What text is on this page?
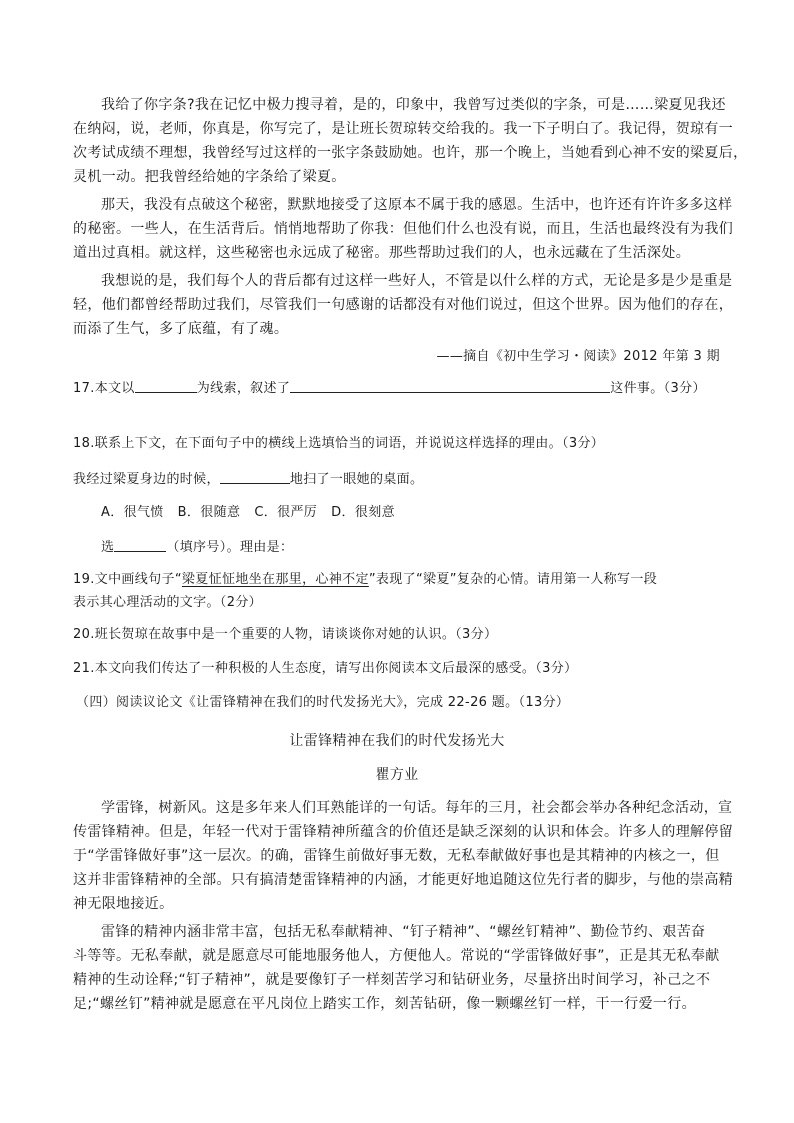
我给了你字条?我在记忆中极力搜寻着，是的，印象中，我曾写过类似的字条，可是……梁夏见我还
在纳闷，说，老师，你真是，你写完了，是让班长贺琼转交给我的。我一下子明白了。我记得，贺琼有一
次考试成绩不理想，我曾经写过这样的一张字条鼓励她。也许，那一个晚上，当她看到心神不安的梁夏后，
灵机一动。把我曾经给她的字条给了梁夏。
那天，我没有点破这个秘密，默默地接受了这原本不属于我的感恩。生活中，也许还有许许多多这样
的秘密。一些人，在生活背后。悄悄地帮助了你我：但他们什么也没有说，而且，生活也最终没有为我们
道出过真相。就这样，这些秘密也永远成了秘密。那些帮助过我们的人，也永远藏在了生活深处。
我想说的是，我们每个人的背后都有过这样一些好人，不管是以什么样的方式，无论是多是少是重是
轻，他们都曾经帮助过我们，尽管我们一句感谢的话都没有对他们说过，但这个世界。因为他们的存在，
而添了生气，多了底蕴，有了魂。
——摘自《初中生学习・阅读》2012 年第 3 期
17.本文以	为线索，叙述了	这件事。（3分）
18.联系上下文，在下面句子中的横线上选填恰当的词语，并说说这样选择的理由。（3分）
我经过梁夏身边的时候，	地扫了一眼她的桌面。
A．很气愤 B．很随意 C．很严厉 D．很刻意
选	（填序号）。理由是：
19.文中画线句子“梁夏怔怔地坐在那里，心神不定”表现了“梁夏”复杂的心情。请用第一人称写一段
表示其心理活动的文字。（2分）
20.班长贺琼在故事中是一个重要的人物，请谈谈你对她的认识。（3分）
21.本文向我们传达了一种积极的人生态度，请写出你阅读本文后最深的感受。（3分）
（四）阅读议论文《让雷锋精神在我们的时代发扬光大》，完成 22-26 题。（13分）
让雷锋精神在我们的时代发扬光大
瞿方业
学雷锋，树新风。这是多年来人们耳熟能详的一句话。每年的三月，社会都会举办各种纪念活动，宣
传雷锋精神。但是，年轻一代对于雷锋精神所蕴含的价值还是缺乏深刻的认识和体会。许多人的理解停留
于“学雷锋做好事”这一层次。的确，雷锋生前做好事无数，无私奉献做好事也是其精神的内核之一，但
这并非雷锋精神的全部。只有搞清楚雷锋精神的内涵，才能更好地追随这位先行者的脚步，与他的崇高精
神无限地接近。
雷锋的精神内涵非常丰富，包括无私奉献精神、“钉子精神”、“螺丝钉精神”、勤俭节约、艰苦奋
斗等等。无私奉献，就是愿意尽可能地服务他人，方便他人。常说的“学雷锋做好事”，正是其无私奉献
精神的生动诠释;“钉子精神”，就是要像钉子一样刻苦学习和钻研业务，尽量挤出时间学习，补己之不
足;“螺丝钉”精神就是愿意在平凡岗位上踏实工作，刻苦钻研，像一颗螺丝钉一样，干一行爱一行。
